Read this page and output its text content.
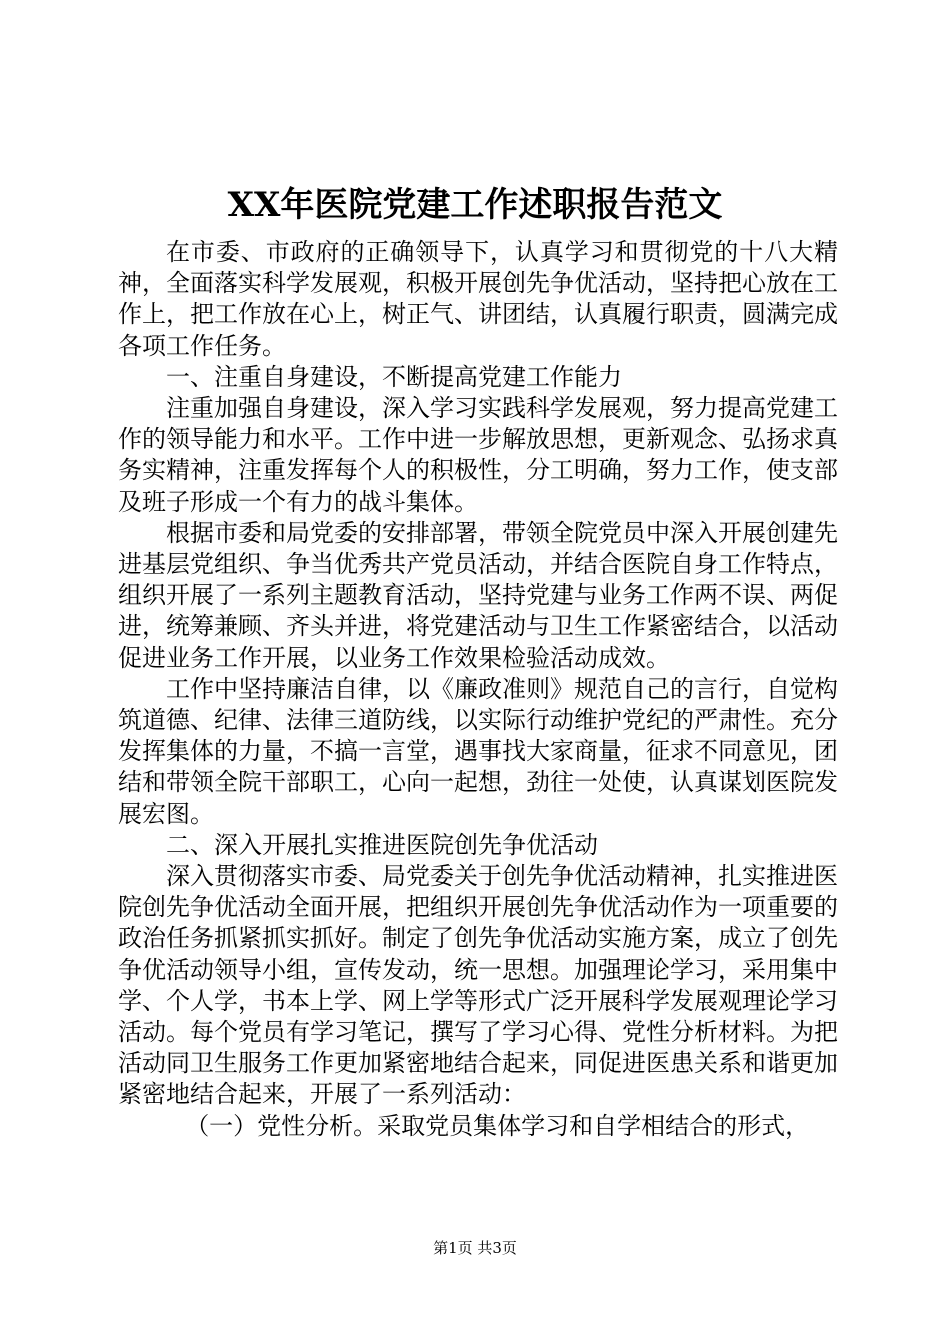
XX年医院党建工作述职报告范文

在市委、市政府的正确领导下，认真学习和贯彻党的十八大精神，全面落实科学发展观，积极开展创先争优活动，坚持把心放在工作上，把工作放在心上，树正气、讲团结，认真履行职责，圆满完成各项工作任务。

一、注重自身建设，不断提高党建工作能力

注重加强自身建设，深入学习实践科学发展观，努力提高党建工作的领导能力和水平。工作中进一步解放思想，更新观念、弘扬求真务实精神，注重发挥每个人的积极性，分工明确，努力工作，使支部及班子形成一个有力的战斗集体。

根据市委和局党委的安排部署，带领全院党员中深入开展创建先进基层党组织、争当优秀共产党员活动，并结合医院自身工作特点，组织开展了一系列主题教育活动，坚持党建与业务工作两不误、两促进，统筹兼顾、齐头并进，将党建活动与卫生工作紧密结合，以活动促进业务工作开展，以业务工作效果检验活动成效。

工作中坚持廉洁自律，以《廉政准则》规范自己的言行，自觉构筑道德、纪律、法律三道防线，以实际行动维护党纪的严肃性。充分发挥集体的力量，不搞一言堂，遇事找大家商量，征求不同意见，团结和带领全院干部职工，心向一起想，劲往一处使，认真谋划医院发展宏图。

二、深入开展扎实推进医院创先争优活动

深入贯彻落实市委、局党委关于创先争优活动精神，扎实推进医院创先争优活动全面开展，把组织开展创先争优活动作为一项重要的政治任务抓紧抓实抓好。制定了创先争优活动实施方案，成立了创先争优活动领导小组，宣传发动，统一思想。加强理论学习，采用集中学、个人学，书本上学、网上学等形式广泛开展科学发展观理论学习活动。每个党员有学习笔记，撰写了学习心得、党性分析材料。为把活动同卫生服务工作更加紧密地结合起来，同促进医患关系和谐更加紧密地结合起来，开展了一系列活动：

（一）党性分析。采取党员集体学习和自学相结合的形式，

第1页 共3页
